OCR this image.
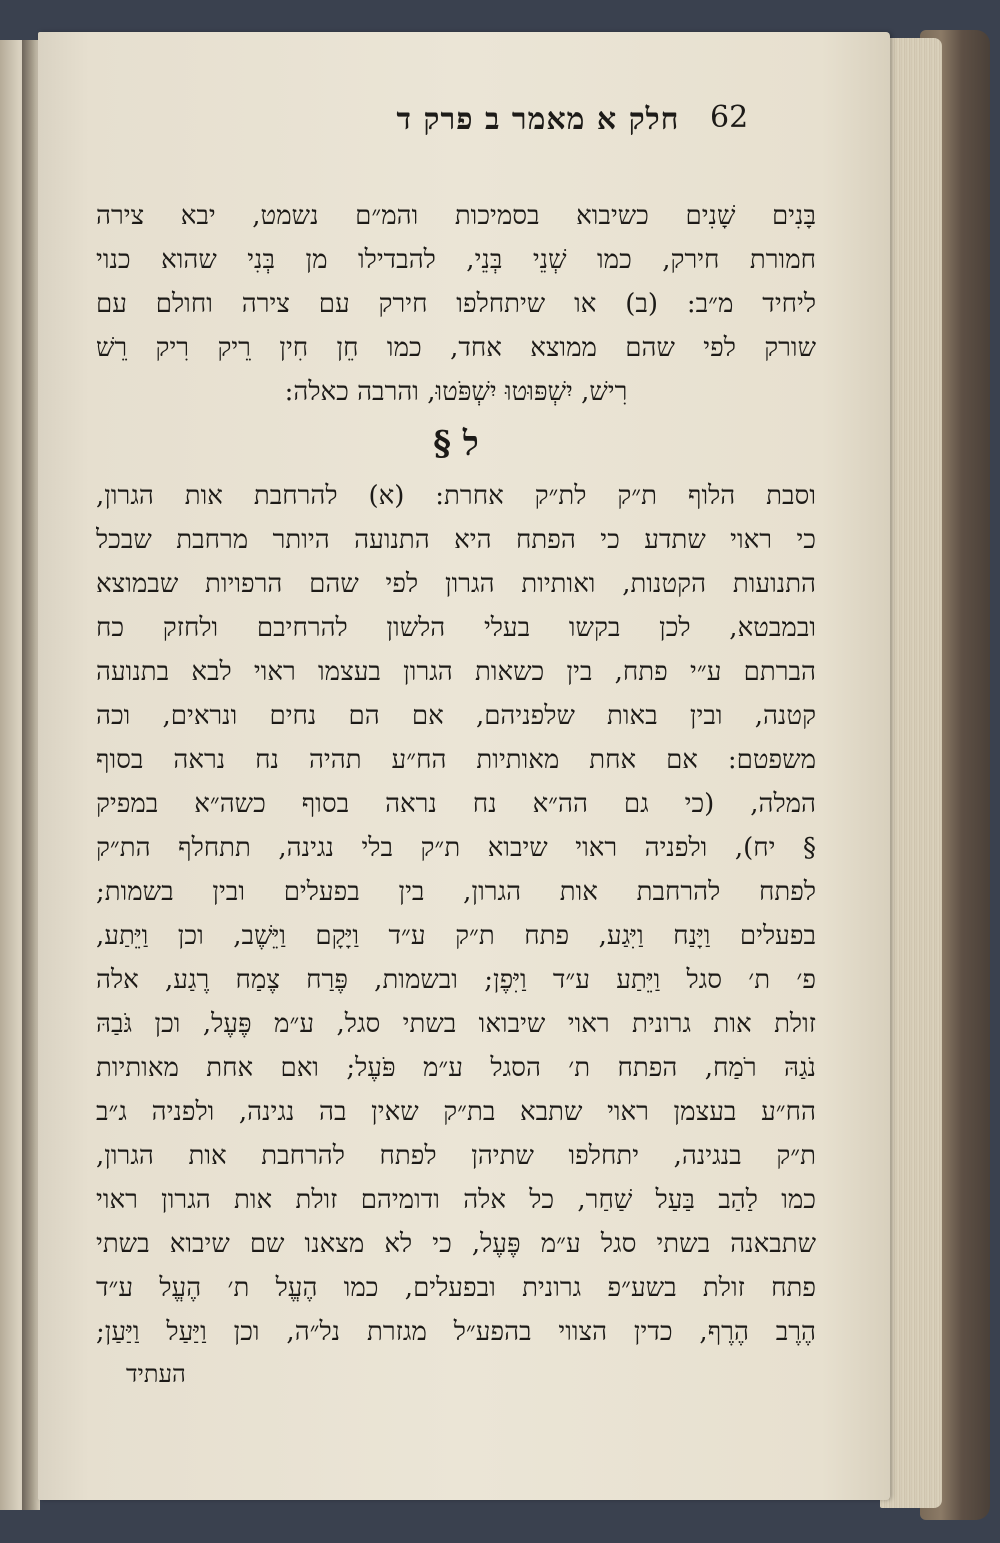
62
חלק א מאמר ב פרק ד
בָּנִים שָׁנִים כשיבוא בסמיכות והמ״ם נשמט, יבא צירה
חמורת חירק, כמו שְׁנֵי בְּנֵי, להבדילו מן בְּנִי שהוא כנוי
ליחיד מ״ב: (ב) או שיתחלפו חירק עם צירה וחולם עם
שורק לפי שהם ממוצא אחד, כמו חֵן חִין רֵיק רִיק רֵשׁ
רִישׁ, יִשְׁפּוּטוּ יִשְׁפֹּטוּ, והרבה כאלה:
§ ל
וסבת הלוף ת״ק לת״ק אחרת: (א) להרחבת אות הגרון,
כי ראוי שתדע כי הפתח היא התנועה היותר מרחבת שבכל
התנועות הקטנות, ואותיות הגרון לפי שהם הרפויות שבמוצא
ובמבטא, לכן בקשו בעלי הלשון להרחיבם ולחזק כח
הברתם ע״י פתח, בין כשאות הגרון בעצמו ראוי לבא בתנועה
קטנה, ובין באות שלפניהם, אם הם נחים ונראים, וכה
משפטם: אם אחת מאותיות הח״ע תהיה נח נראה בסוף
המלה, (כי גם הה״א נח נראה בסוף כשה״א במפיק
§ יח), ולפניה ראוי שיבוא ת״ק בלי נגינה, תתחלף הת״ק
לפתח להרחבת אות הגרון, בין בפעלים ובין בשמות;
בפעלים וַיָּנַח וַיִּגַע, פתח ת״ק ע״ד וַיָּקָם וַיֵּשֶׁב, וכן וַיֵּתַע,
פ׳ ת׳ סגל וַיֵּתַע ע״ד וַיִּפֶן; ובשמות, פֶּרַח צֶמַח רֶגַע, אלה
זולת אות גרונית ראוי שיבואו בשתי סגל, ע״מ פֶּעֶל, וכן גֹּבַהּ
נֹגַהּ רֹמַח, הפתח ת׳ הסגל ע״מ פֹּעֶל; ואם אחת מאותיות
הח״ע בעצמן ראוי שתבא בת״ק שאין בה נגינה, ולפניה ג״ב
ת״ק בנגינה, יתחלפו שתיהן לפתח להרחבת אות הגרון,
כמו לַהַב בַּעַל שַׁחַר, כל אלה ודומיהם זולת אות הגרון ראוי
שתבאנה בשתי סגל ע״מ פֶּעֶל, כי לא מצאנו שם שיבוא בשתי
פתח זולת בשע״פ גרונית ובפעלים, כמו הֶעֱל ת׳ הֶעֱל ע״ד
הֶרֶב הֶרֶף, כדין הצווי בהפע״ל מגזרת נל״ה, וכן וַיַּעַל וַיַּעַן;
העתיד
